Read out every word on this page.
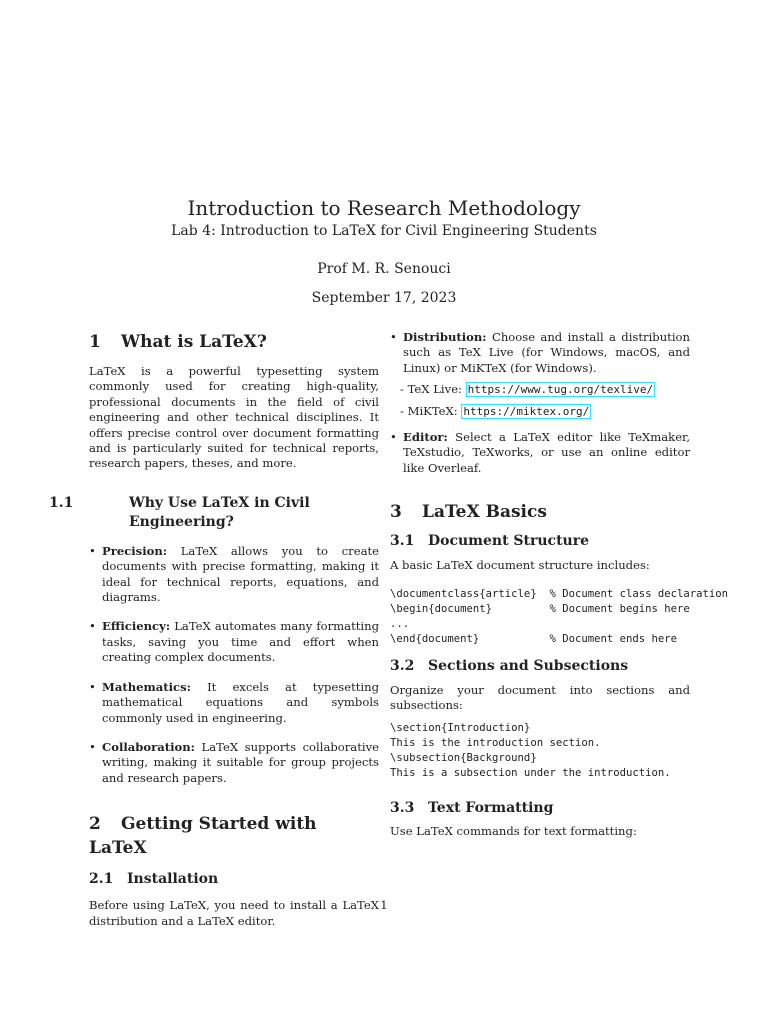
Introduction to Research Methodology

Lab 4: Introduction to LaTeX for Civil Engineering Students

Prof M. R. Senouci
September 17, 2023
1 What is LaTeX?

LaTeX is a powerful typesetting system commonly used for creating high-quality, professional documents in the field of civil engineering and other technical disciplines. It offers precise control over document formatting and is particularly suited for technical reports, research papers, theses, and more.

1.1	Why Use LaTeX in Civil Engineering?
• Precision: LaTeX allows you to create documents with precise formatting, making it ideal for technical reports, equations, and diagrams.
• Efficiency: LaTeX automates many formatting tasks, saving you time and effort when creating complex documents.
• Mathematics: It excels at typesetting mathematical equations and symbols commonly used in engineering.
• Collaboration: LaTeX supports collaborative writing, making it suitable for group projects and research papers.
2 Getting Started with LaTeX
2.1 Installation

Before using LaTeX, you need to install a LaTeX distribution and a LaTeX editor.

• Distribution: Choose and install a distribution such as TeX Live (for Windows, macOS, and Linux) or MiKTeX (for Windows).

- TeX Live: https://www.tug.org/texlive/

- MiKTeX: https://miktex.org/

• Editor: Select a LaTeX editor like TeXmaker, TeXstudio, TeXworks, or use an online editor like Overleaf.
3 LaTeX Basics
3.1 Document Structure

A basic LaTeX document structure includes:

\documentclass{article}  % Document class declaration
\begin{document}         % Document begins here
...
\end{document}           % Document ends here
3.2 Sections and Subsections

Organize your document into sections and subsections:

\section{Introduction}
This is the introduction section.
\subsection{Background}
This is a subsection under the introduction.
3.3 Text Formatting

Use LaTeX commands for text formatting:

1
